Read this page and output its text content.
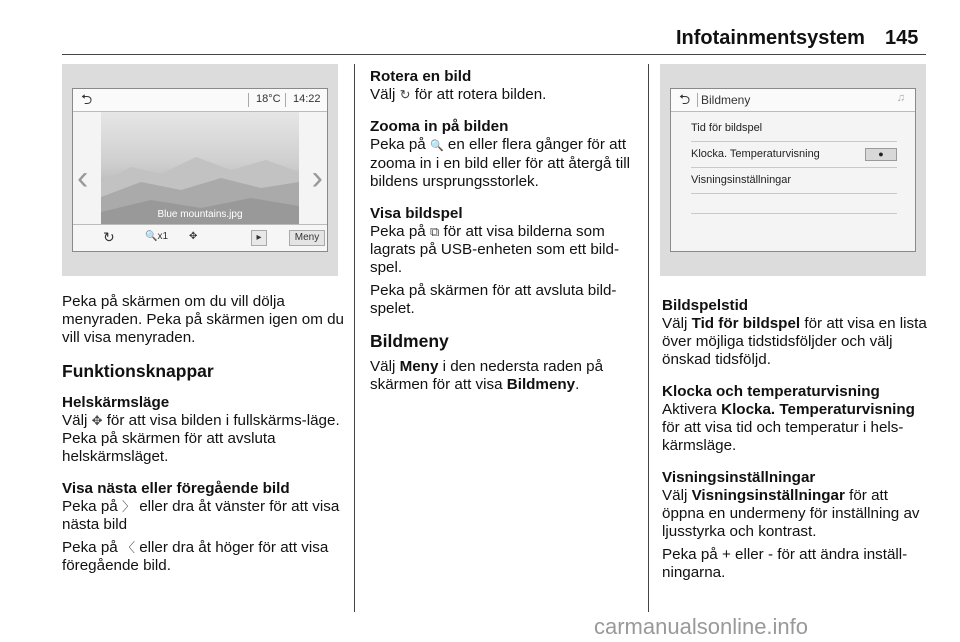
Infotainmentsystem 145
⮌	18°C 14:22
Blue mountains.jpg
‹	›
↻	🔍x1 ✥	▸	Meny

Peka på skärmen om du vill dölja menyraden. Peka på skärmen igen om du vill visa menyraden.

Funktionsknappar

Helskärmsläge

Välj ✥ för att visa bilden i fullskärms-läge. Peka på skärmen för att avsluta helskärmsläget.

Visa nästa eller föregående bild

Peka på 〉 eller dra åt vänster för att visa nästa bild

Peka på 〈 eller dra åt höger för att visa föregående bild.

Rotera en bild

Välj ↻ för att rotera bilden.

Zooma in på bilden

Peka på 🔍 en eller flera gånger för att zooma in i en bild eller för att återgå till bildens ursprungsstorlek.

Visa bildspel

Peka på ⧉ för att visa bilderna som lagrats på USB-enheten som ett bild-spel.

Peka på skärmen för att avsluta bild-spelet.

Bildmeny

Välj Meny i den nedersta raden på skärmen för att visa Bildmeny.

⮌ Bildmeny	♫
Tid för bildspel
Klocka. Temperaturvisning	●
Visningsinställningar

Bildspelstid

Välj Tid för bildspel för att visa en lista över möjliga tidstidsföljder och välj önskad tidsföljd.

Klocka och temperaturvisning

Aktivera Klocka. Temperaturvisning för att visa tid och temperatur i hels-kärmsläge.

Visningsinställningar

Välj Visningsinställningar för att öppna en undermeny för inställning av ljusstyrka och kontrast.

Peka på + eller - för att ändra inställ-ningarna.

carmanualsonline.info
